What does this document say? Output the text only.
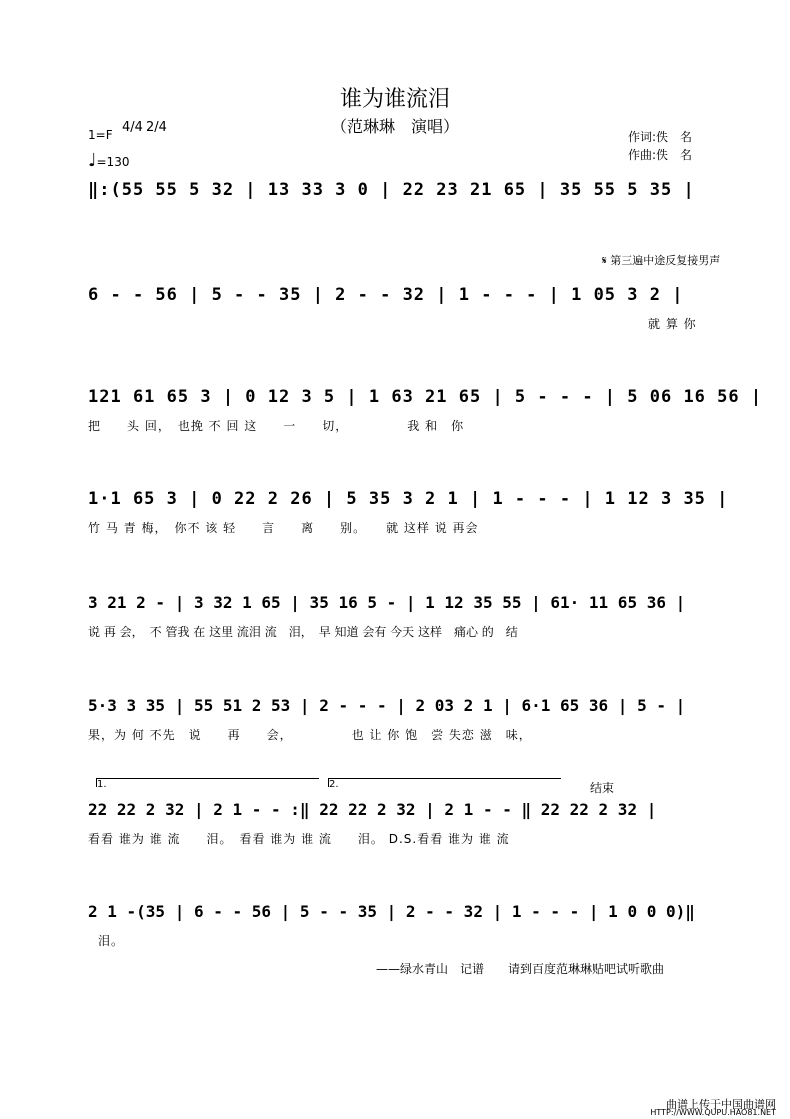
谁为谁流泪
（范琳琳　演唱）
1=F 4/4 2/4
♩=130
作词:佚　名
作曲:佚　名
‖:(55 55 5 32 | 13 33 3 0 | 22 23 21 65 | 35 55 5 35 |
𝄋 第三遍中途反复接男声
6 - - 56 | 5 - - 35 | 2 - - 32 | 1 - - - | 1 05 3 2 |
就 算 你
121 61 65 3 | 0 12 3 5 | 1 63 21 65 | 5 - - - | 5 06 16 56 |
把　　头 回，　也挽 不 回 这　　一　　切，　　　　　我 和　你
1·1 65 3 | 0 22 2 26 | 5 35 3 2 1 | 1 - - - | 1 12 3 35 |
竹 马 青 梅，　你不 该 轻　　言　　离　　别。　　就 这样 说 再会
3 21 2 - | 3 32 1 65 | 35 16 5 - | 1 12 35 55 | 61· 11 65 36 |
说 再 会，　不 管我 在 这里 流泪 流　泪，　早 知道 会有 今天 这样　痛心 的　结
5·3 3 35 | 55 51 2 53 | 2 - - - | 2 03 2 1 | 6·1 65 36 | 5 - |
果，为 何 不先　说　　再　　会，　　　　　也 让 你 饱　尝 失恋 滋　味，
1.	2.	结束
22 22 2 32 | 2 1 - - :‖ 22 22 2 32 | 2 1 - - ‖ 22 22 2 32 |
看看 谁为 谁 流　　泪。　看看 谁为 谁 流　　泪。 D.S.看看 谁为 谁 流
2 1 -(35 | 6 - - 56 | 5 - - 35 | 2 - - 32 | 1 - - - | 1 0 0 0)‖
泪。
——绿水青山　记谱　　请到百度范琳琳贴吧试听歌曲
曲谱上传于中国曲谱网
HTTP://WWW.QUPU.HAO81.NET
